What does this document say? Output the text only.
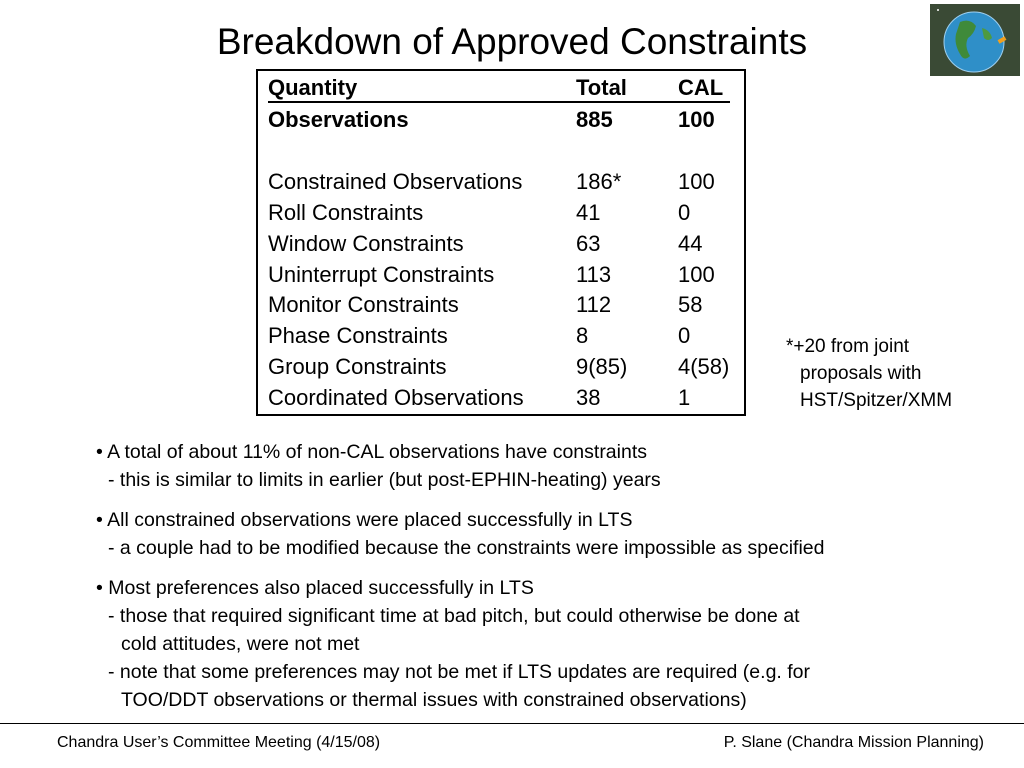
Breakdown of Approved Constraints
Quantity	Total CAL
Observations	885	100
Constrained Observations 186*	100
Roll Constraints	41	0
Window Constraints	63	44
Uninterrupt Constraints	113	100
Monitor Constraints	112	58
Phase Constraints	8	0
Group Constraints	9(85) 4(58)
Coordinated Observations 38	1
*+20 from joint
proposals with
HST/Spitzer/XMM
• A total of about 11% of non-CAL observations have constraints
- this is similar to limits in earlier (but post-EPHIN-heating) years
• All constrained observations were placed successfully in LTS
- a couple had to be modified because the constraints were impossible as specified
• Most preferences also placed successfully in LTS
- those that required significant time at bad pitch, but could otherwise be done at
cold attitudes, were not met
- note that some preferences may not be met if LTS updates are required (e.g. for
TOO/DDT observations or thermal issues with constrained observations)
Chandra User’s Committee Meeting (4/15/08)	P. Slane (Chandra Mission Planning)
